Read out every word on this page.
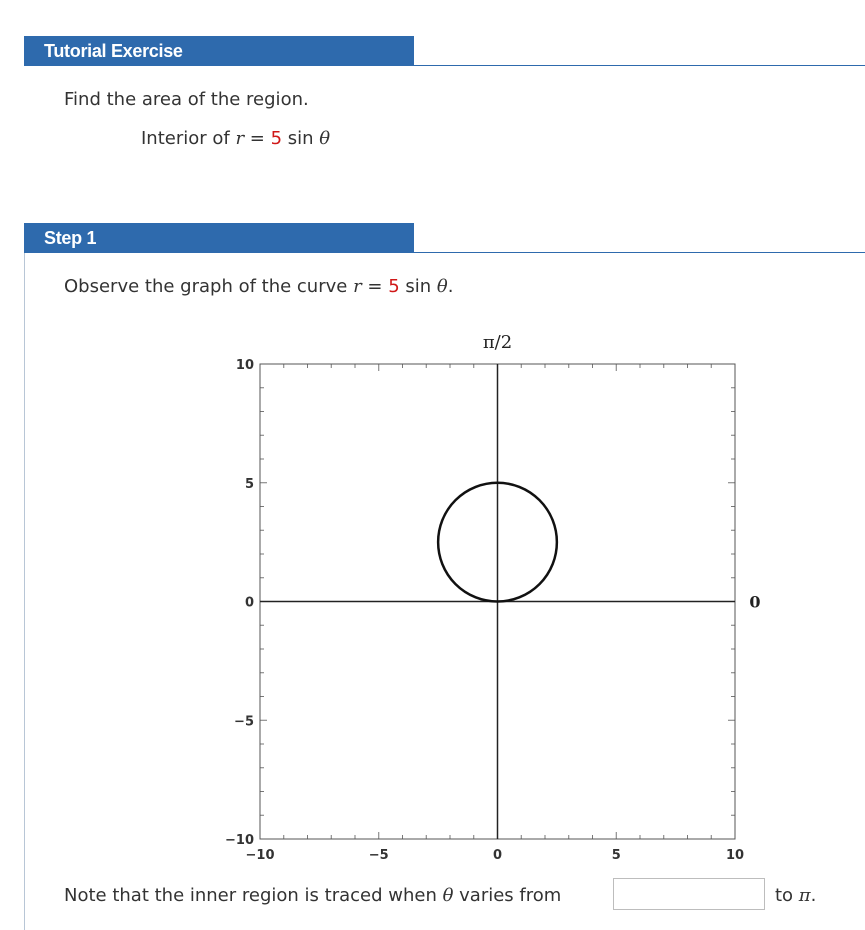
Tutorial Exercise
Find the area of the region.
Interior of r = 5 sin θ
Step 1
Observe the graph of the curve r = 5 sin θ.
π/2
0
10
5
0
−5
−10
−10	−5	0	5	10
Note that the inner region is traced when θ varies from	to π.
